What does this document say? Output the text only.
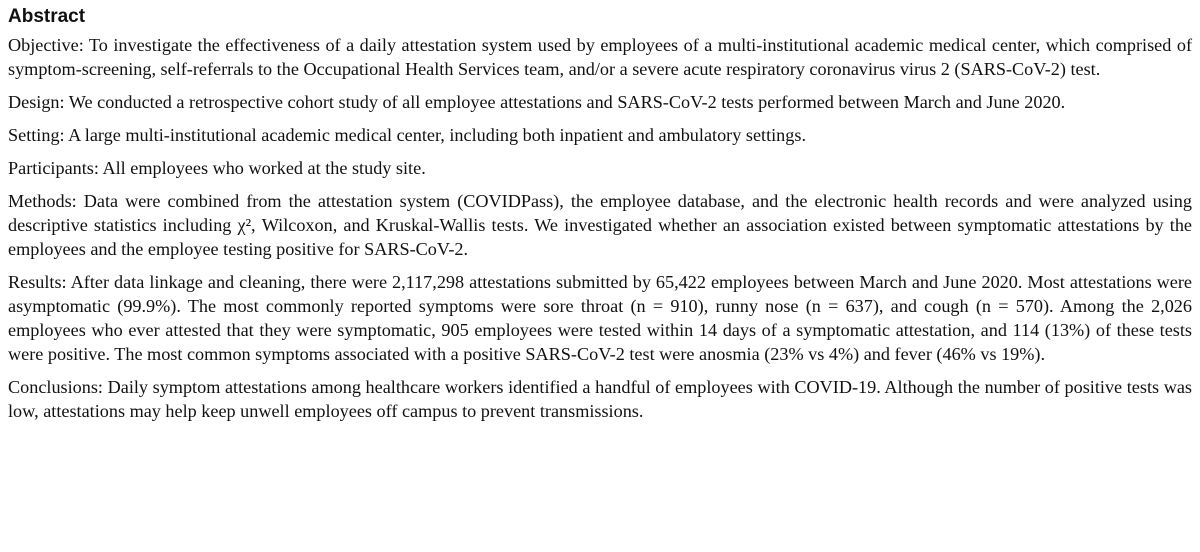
Abstract

Objective: To investigate the effectiveness of a daily attestation system used by employees of a multi-institutional academic medical center, which comprised of symptom-screening, self-referrals to the Occupational Health Services team, and/or a severe acute respiratory coronavirus virus 2 (SARS-CoV-2) test.

Design: We conducted a retrospective cohort study of all employee attestations and SARS-CoV-2 tests performed between March and June 2020.

Setting: A large multi-institutional academic medical center, including both inpatient and ambulatory settings.

Participants: All employees who worked at the study site.

Methods: Data were combined from the attestation system (COVIDPass), the employee database, and the electronic health records and were analyzed using descriptive statistics including χ², Wilcoxon, and Kruskal-Wallis tests. We investigated whether an association existed between symptomatic attestations by the employees and the employee testing positive for SARS-CoV-2.

Results: After data linkage and cleaning, there were 2,117,298 attestations submitted by 65,422 employees between March and June 2020. Most attestations were asymptomatic (99.9%). The most commonly reported symptoms were sore throat (n = 910), runny nose (n = 637), and cough (n = 570). Among the 2,026 employees who ever attested that they were symptomatic, 905 employees were tested within 14 days of a symptomatic attestation, and 114 (13%) of these tests were positive. The most common symptoms associated with a positive SARS-CoV-2 test were anosmia (23% vs 4%) and fever (46% vs 19%).

Conclusions: Daily symptom attestations among healthcare workers identified a handful of employees with COVID-19. Although the number of positive tests was low, attestations may help keep unwell employees off campus to prevent transmissions.
